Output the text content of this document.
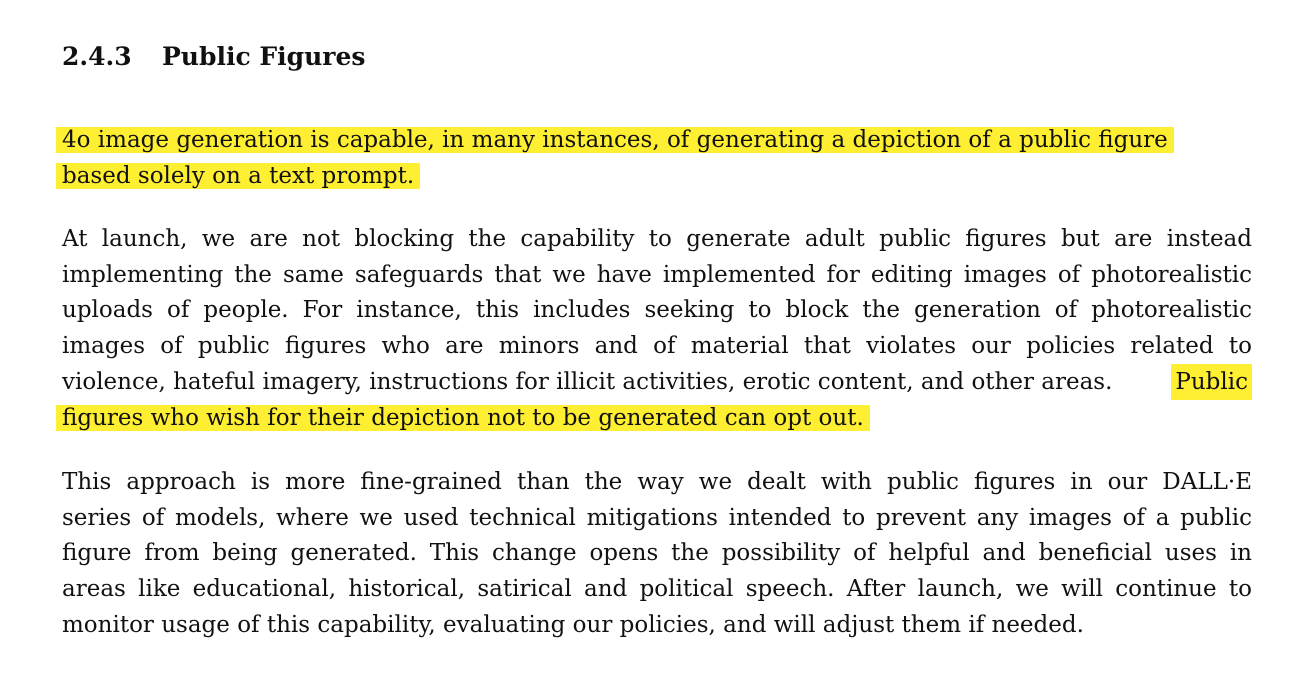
2.4.3 Public Figures
4o image generation is capable, in many instances, of generating a depiction of a public figure
based solely on a text prompt.
At launch, we are not blocking the capability to generate adult public figures but are instead
implementing the same safeguards that we have implemented for editing images of photorealistic
uploads of people. For instance, this includes seeking to block the generation of photorealistic
images of public figures who are minors and of material that violates our policies related to
violence, hateful imagery, instructions for illicit activities, erotic content, and other areas.	Public
figures who wish for their depiction not to be generated can opt out.
This approach is more fine-grained than the way we dealt with public figures in our DALL·E
series of models, where we used technical mitigations intended to prevent any images of a public
figure from being generated. This change opens the possibility of helpful and beneficial uses in
areas like educational, historical, satirical and political speech. After launch, we will continue to
monitor usage of this capability, evaluating our policies, and will adjust them if needed.
